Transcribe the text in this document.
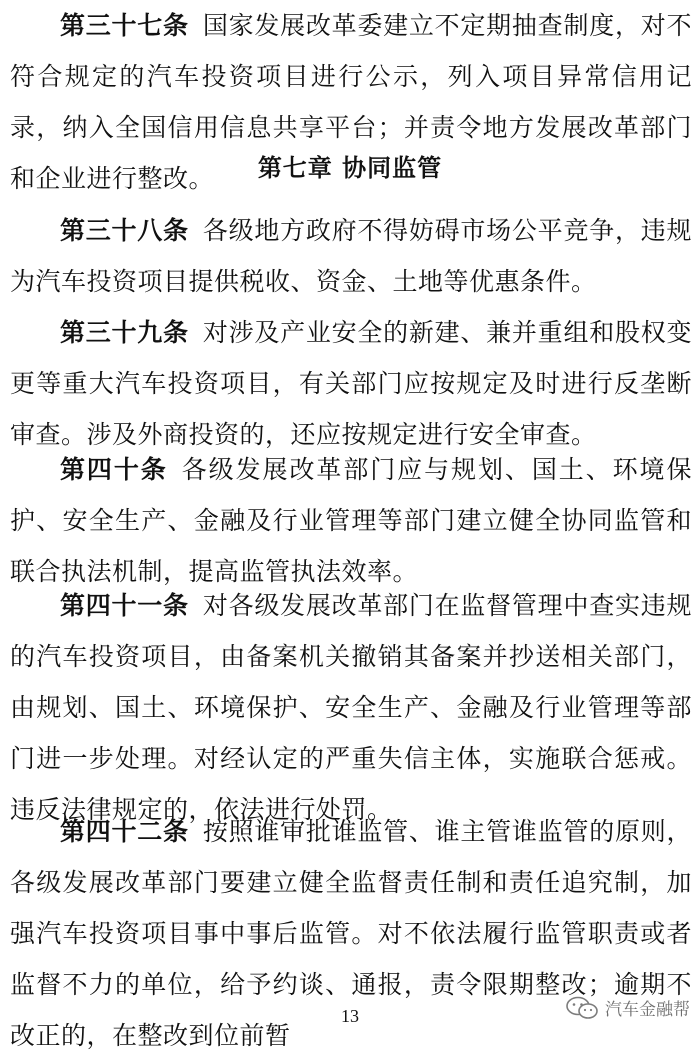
第三十七条 国家发展改革委建立不定期抽查制度，对不符合规定的汽车投资项目进行公示，列入项目异常信用记录，纳入全国信用信息共享平台；并责令地方发展改革部门和企业进行整改。	第七章 协同监管

第三十八条 各级地方政府不得妨碍市场公平竞争，违规为汽车投资项目提供税收、资金、土地等优惠条件。

第三十九条 对涉及产业安全的新建、兼并重组和股权变更等重大汽车投资项目，有关部门应按规定及时进行反垄断审查。涉及外商投资的，还应按规定进行安全审查。

第四十条 各级发展改革部门应与规划、国土、环境保护、安全生产、金融及行业管理等部门建立健全协同监管和联合执法机制，提高监管执法效率。

第四十一条 对各级发展改革部门在监督管理中查实违规的汽车投资项目，由备案机关撤销其备案并抄送相关部门，由规划、国土、环境保护、安全生产、金融及行业管理等部门进一步处理。对经认定的严重失信主体，实施联合惩戒。违反法律规定的，依法进行处罚。

第四十二条 按照谁审批谁监管、谁主管谁监管的原则，各级发展改革部门要建立健全监督责任制和责任追究制，加强汽车投资项目事中事后监管。对不依法履行监管职责或者监督不力的单位，给予约谈、通报，责令限期整改；逾期不改正的，在整改到位前暂

13	汽车金融帮
